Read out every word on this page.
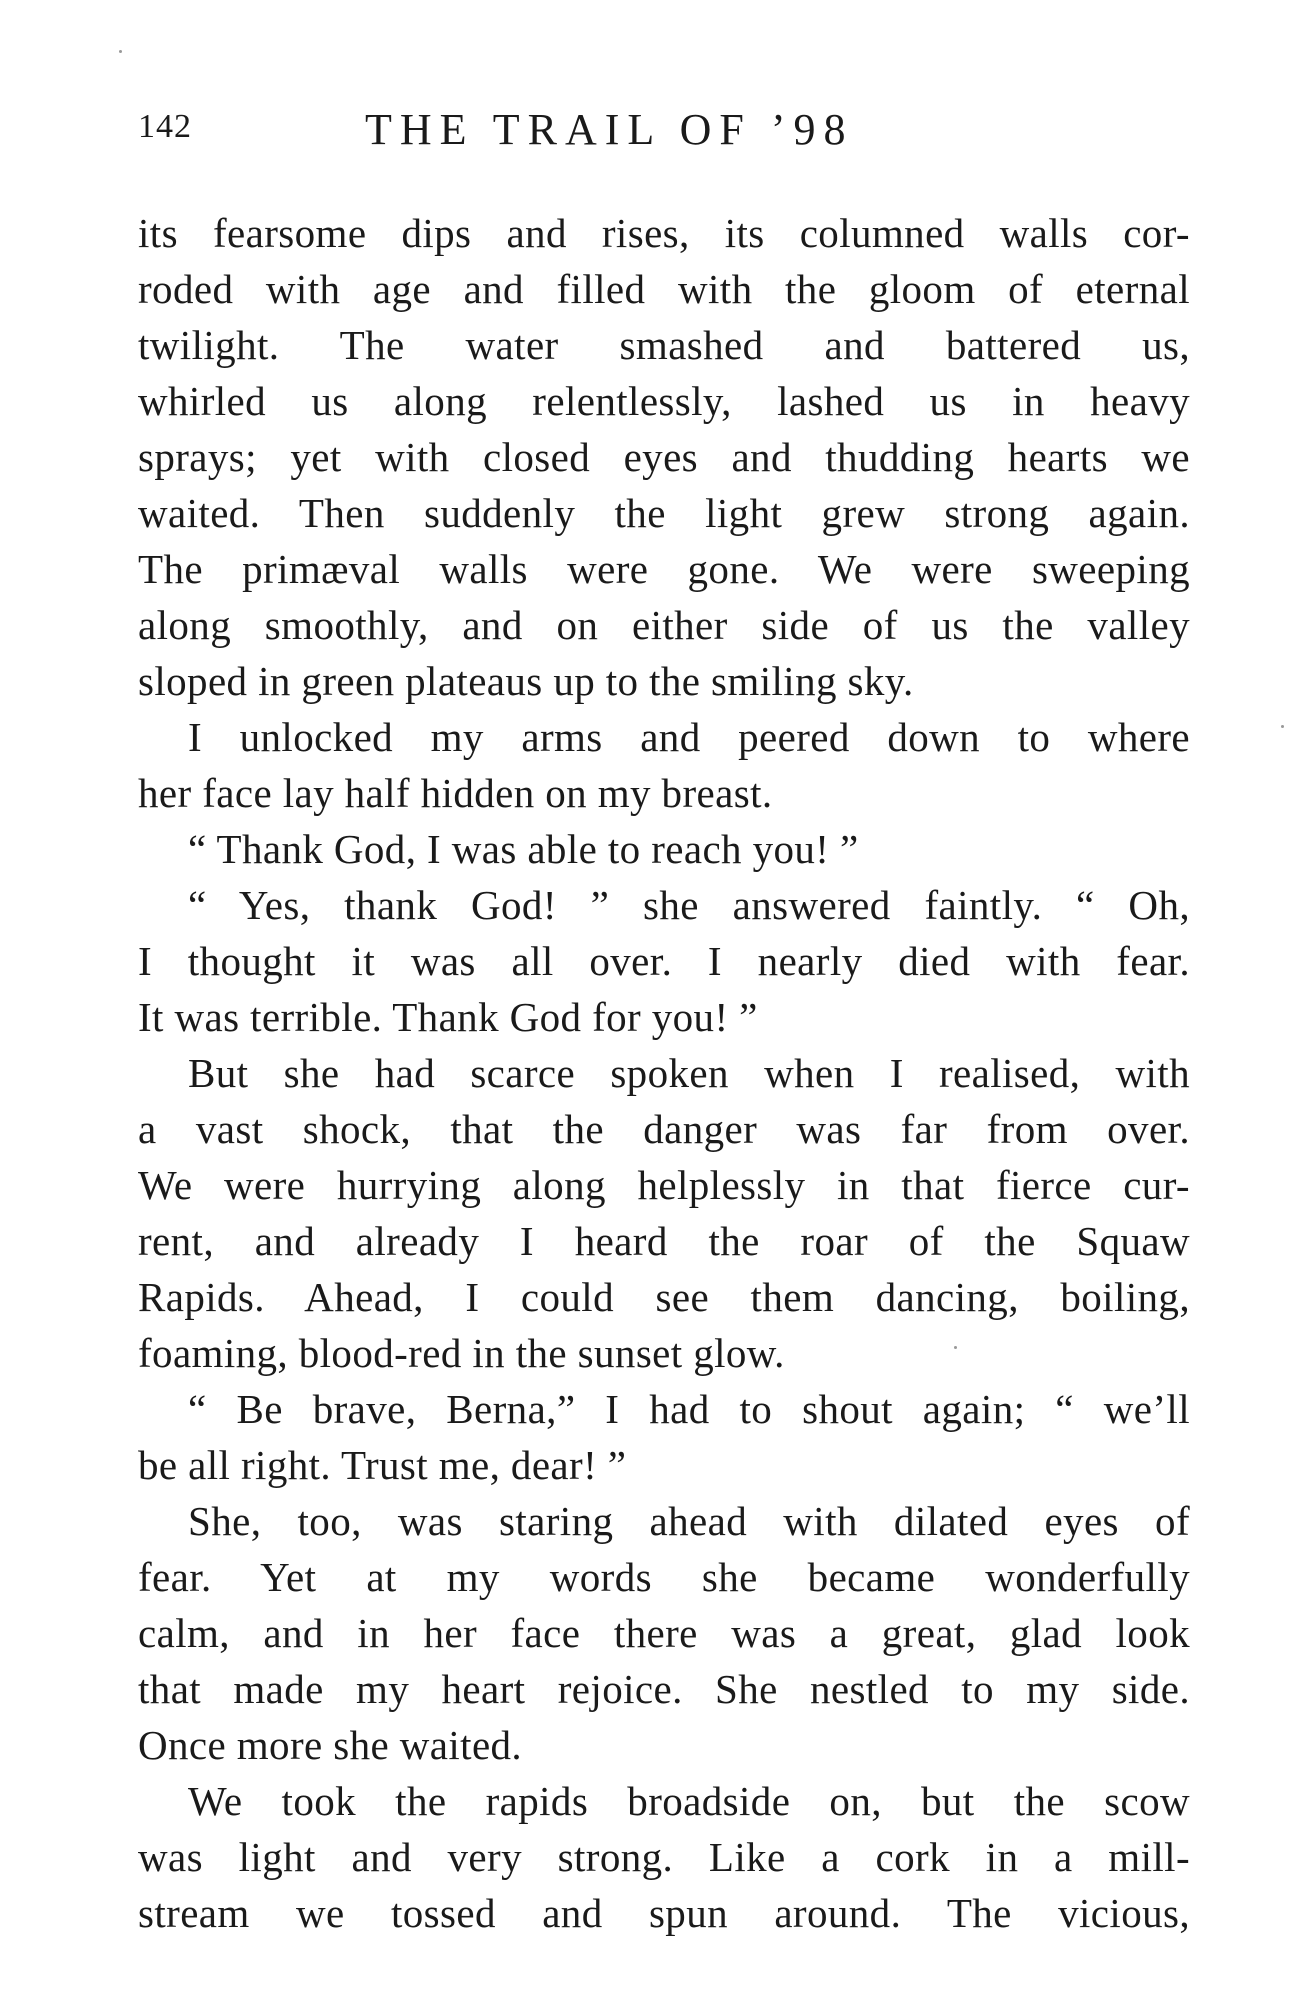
142	THE TRAIL OF ’98
its fearsome dips and rises, its columned walls cor-
roded with age and filled with the gloom of eternal
twilight. The water smashed and battered us,
whirled us along relentlessly, lashed us in heavy
sprays; yet with closed eyes and thudding hearts we
waited. Then suddenly the light grew strong again.
The primæval walls were gone. We were sweeping
along smoothly, and on either side of us the valley
sloped in green plateaus up to the smiling sky.
I unlocked my arms and peered down to where
her face lay half hidden on my breast.
“ Thank God, I was able to reach you! ”
“ Yes, thank God! ” she answered faintly. “ Oh,
I thought it was all over. I nearly died with fear.
It was terrible. Thank God for you! ”
But she had scarce spoken when I realised, with
a vast shock, that the danger was far from over.
We were hurrying along helplessly in that fierce cur-
rent, and already I heard the roar of the Squaw
Rapids. Ahead, I could see them dancing, boiling,
foaming, blood-red in the sunset glow.
“ Be brave, Berna,” I had to shout again; “ we’ll
be all right. Trust me, dear! ”
She, too, was staring ahead with dilated eyes of
fear. Yet at my words she became wonderfully
calm, and in her face there was a great, glad look
that made my heart rejoice. She nestled to my side.
Once more she waited.
We took the rapids broadside on, but the scow
was light and very strong. Like a cork in a mill-
stream we tossed and spun around. The vicious,
